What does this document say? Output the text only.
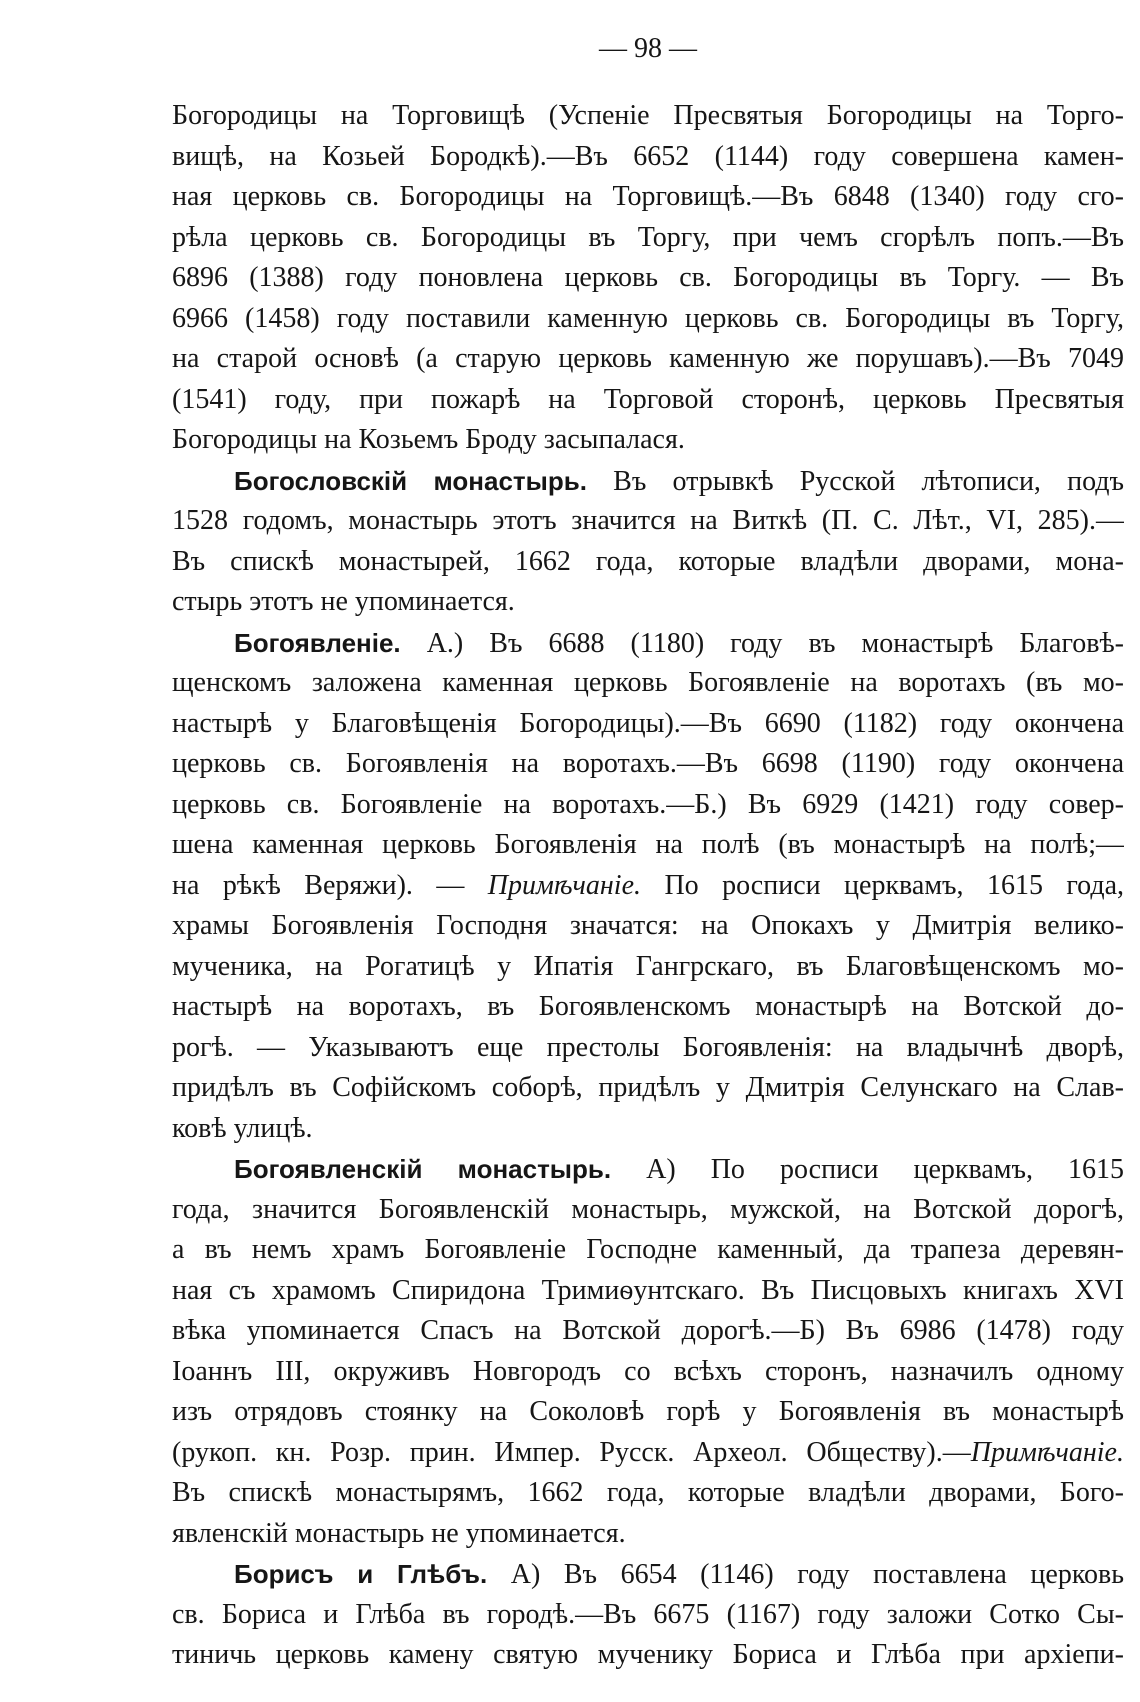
— 98 —
Богородицы на Торговищѣ (Успеніе Пресвятыя Богородицы на Торго-
вищѣ, на Козьей Бородкѣ).—Въ 6652 (1144) году совершена камен-
ная церковь св. Богородицы на Торговищѣ.—Въ 6848 (1340) году сго-
рѣла церковь св. Богородицы въ Торгу, при чемъ сгорѣлъ попъ.—Въ
6896 (1388) году поновлена церковь св. Богородицы въ Торгу. — Въ
6966 (1458) году поставили каменную церковь св. Богородицы въ Торгу,
на старой основѣ (а старую церковь каменную же порушавъ).—Въ 7049
(1541) году, при пожарѣ на Торговой сторонѣ, церковь Пресвятыя
Богородицы на Козьемъ Броду засыпалася.
Богословскій монастырь. Въ отрывкѣ Русской лѣтописи, подъ
1528 годомъ, монастырь этотъ значится на Виткѣ (П. С. Лѣт., VI, 285).—
Въ спискѣ монастырей, 1662 года, которые владѣли дворами, мона-
стырь этотъ не упоминается.
Богоявленіе. А.) Въ 6688 (1180) году въ монастырѣ Благовѣ-
щенскомъ заложена каменная церковь Богоявленіе на воротахъ (въ мо-
настырѣ у Благовѣщенія Богородицы).—Въ 6690 (1182) году окончена
церковь св. Богоявленія на воротахъ.—Въ 6698 (1190) году окончена
церковь св. Богоявленіе на воротахъ.—Б.) Въ 6929 (1421) году совер-
шена каменная церковь Богоявленія на полѣ (въ монастырѣ на полѣ;—
на рѣкѣ Веряжи). — Примѣчаніе. По росписи церквамъ, 1615 года,
храмы Богоявленія Господня значатся: на Опокахъ у Дмитрія велико-
мученика, на Рогатицѣ у Ипатія Гангрскаго, въ Благовѣщенскомъ мо-
настырѣ на воротахъ, въ Богоявленскомъ монастырѣ на Вотской до-
рогѣ. — Указываютъ еще престолы Богоявленія: на владычнѣ дворѣ,
придѣлъ въ Софійскомъ соборѣ, придѣлъ у Дмитрія Селунскаго на Слав-
ковѣ улицѣ.
Богоявленскій монастырь. А) По росписи церквамъ, 1615
года, значится Богоявленскій монастырь, мужской, на Вотской дорогѣ,
а въ немъ храмъ Богоявленіе Господне каменный, да трапеза деревян-
ная съ храмомъ Спиридона Тримиѳунтскаго. Въ Писцовыхъ книгахъ XVI
вѣка упоминается Спасъ на Вотской дорогѣ.—Б) Въ 6986 (1478) году
Іоаннъ III, окруживъ Новгородъ со всѣхъ сторонъ, назначилъ одному
изъ отрядовъ стоянку на Соколовѣ горѣ у Богоявленія въ монастырѣ
(рукоп. кн. Розр. прин. Импер. Русск. Археол. Обществу).—Примѣчаніе.
Въ спискѣ монастырямъ, 1662 года, которые владѣли дворами, Бого-
явленскій монастырь не упоминается.
Борисъ и Глѣбъ. А) Въ 6654 (1146) году поставлена церковь
св. Бориса и Глѣба въ городѣ.—Въ 6675 (1167) году заложи Сотко Сы-
тиничь церковь камену святую мученику Бориса и Глѣба при архіепи-
